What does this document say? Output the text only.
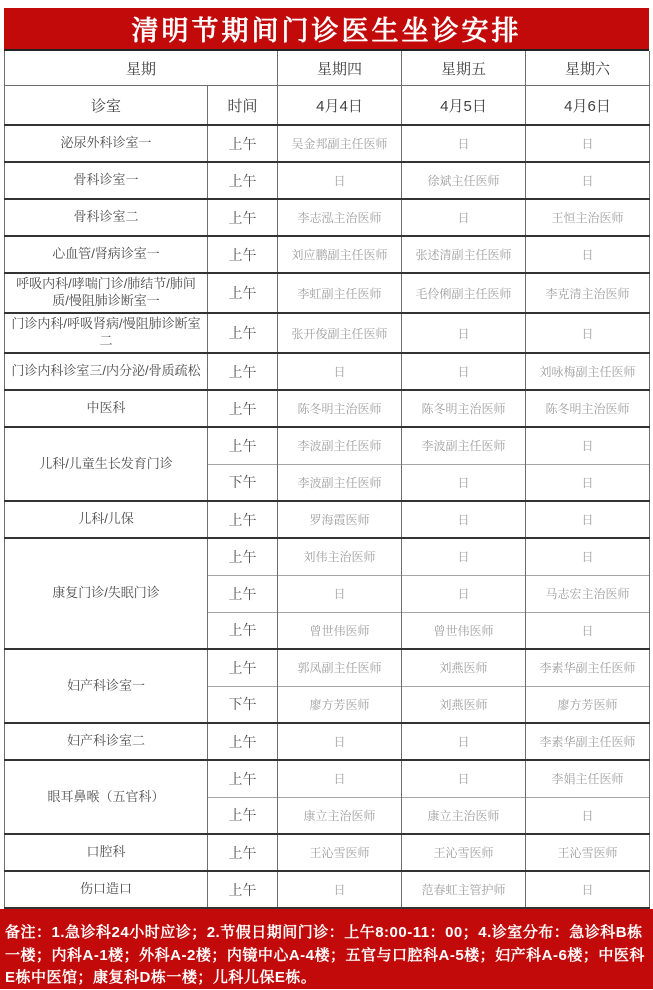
清明节期间门诊医生坐诊安排
星期		星期四	星期五	星期六
诊室	时间	4月4日	4月5日	4月6日
泌尿外科诊室一	上午	吴金邦副主任医师	日	日
骨科诊室一	上午	日	徐斌主任医师	日
骨科诊室二	上午	李志泓主治医师	日	王恒主治医师
心血管/肾病诊室一	上午	刘应鹏副主任医师	张述清副主任医师	日
呼吸内科/哮喘门诊/肺结节/肺间质/慢阻肺诊断室一	上午	李虹副主任医师	毛伶俐副主任医师	李克清主治医师
门诊内科/呼吸肾病/慢阻肺诊断室二	上午	张开俊副主任医师	日	日
门诊内科诊室三/内分泌/骨质疏松	上午	日	日	刘咏梅副主任医师
中医科	上午	陈冬明主治医师	陈冬明主治医师	陈冬明主治医师
儿科/儿童生长发育门诊	上午	李波副主任医师	李波副主任医师	日
	下午	李波副主任医师	日	日
儿科/儿保	上午	罗海霞医师	日	日
康复门诊/失眠门诊	上午	刘伟主治医师	日	日
	上午	日	日	马志宏主治医师
	上午	曾世伟医师	曾世伟医师	日
妇产科诊室一	上午	郭凤副主任医师	刘燕医师	李素华副主任医师
	下午	廖方芳医师	刘燕医师	廖方芳医师
妇产科诊室二	上午	日	日	李素华副主任医师
眼耳鼻喉（五官科）	上午	日	日	李娟主任医师
	上午	康立主治医师	康立主治医师	日
口腔科	上午	王沁雪医师	王沁雪医师	王沁雪医师
伤口造口	上午	日	范春虹主管护师	日
备注：1.急诊科24小时应诊；2.节假日期间门诊：上午8:00-11：00；4.诊室分布：急诊科B栋一楼；内科A-1楼；外科A-2楼；内镜中心A-4楼；五官与口腔科A-5楼；妇产科A-6楼；中医科E栋中医馆；康复科D栋一楼；儿科儿保E栋。
